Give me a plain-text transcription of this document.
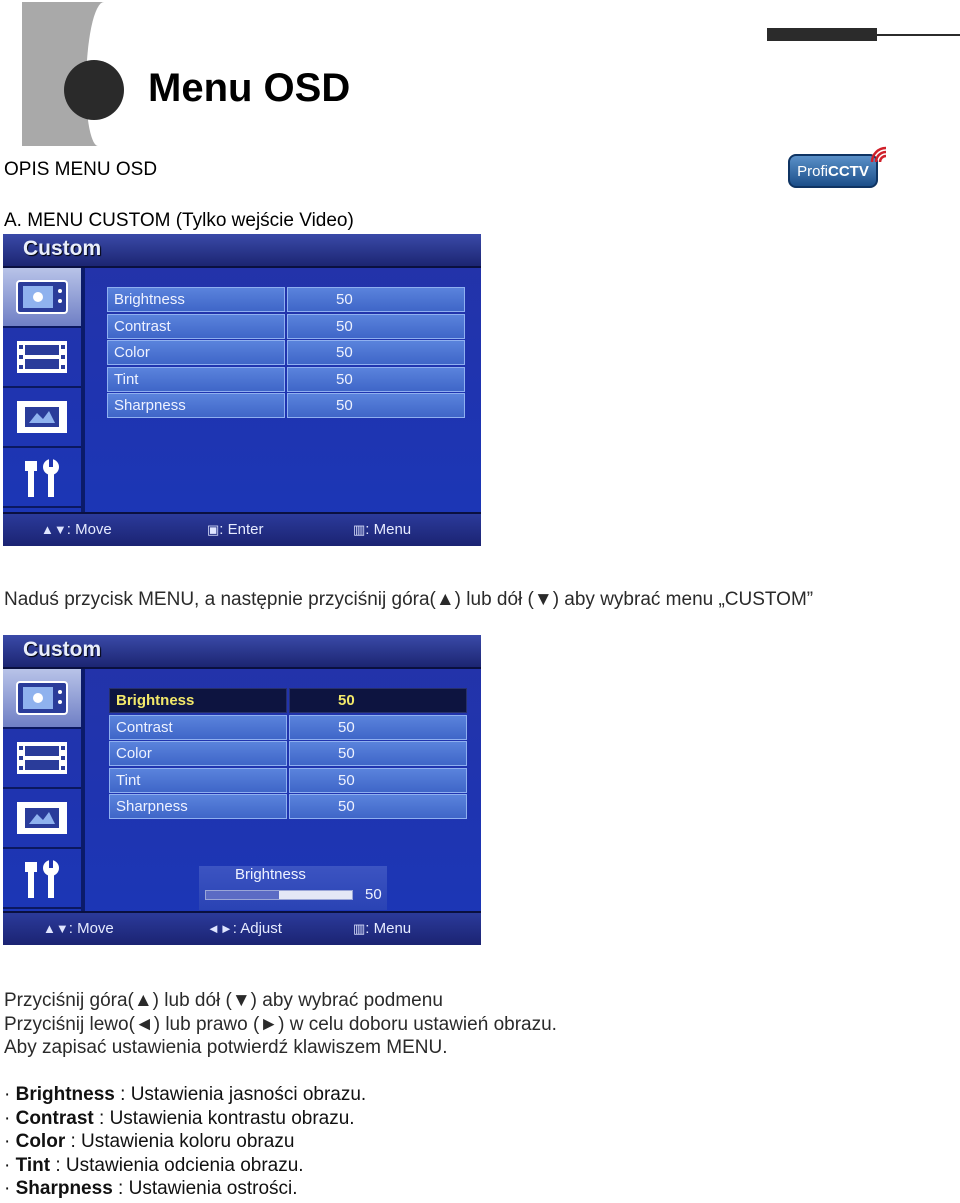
Menu OSD
Profi CCTV
OPIS MENU OSD
A. MENU CUSTOM (Tylko wejście Video)
Custom
Brightness	50
Contrast	50
Color	50
Tint	50
Sharpness	50
▲▼: Move	▣: Enter	▥: Menu
Naduś przycisk MENU, a następnie przyciśnij góra(▲) lub dół (▼) aby wybrać menu „CUSTOM”
Custom
Brightness	50
Contrast	50
Color	50
Tint	50
Sharpness	50
Brightness
50
▲▼: Move	◄►: Adjust	▥: Menu
Przyciśnij góra(▲) lub dół (▼) aby wybrać podmenu
Przyciśnij lewo(◄) lub prawo (►) w celu doboru ustawień obrazu.
Aby zapisać ustawienia potwierdź klawiszem MENU.
· Brightness : Ustawienia jasności obrazu.
· Contrast : Ustawienia kontrastu obrazu.
· Color : Ustawienia koloru obrazu
· Tint : Ustawienia odcienia obrazu.
· Sharpness : Ustawienia ostrości.
